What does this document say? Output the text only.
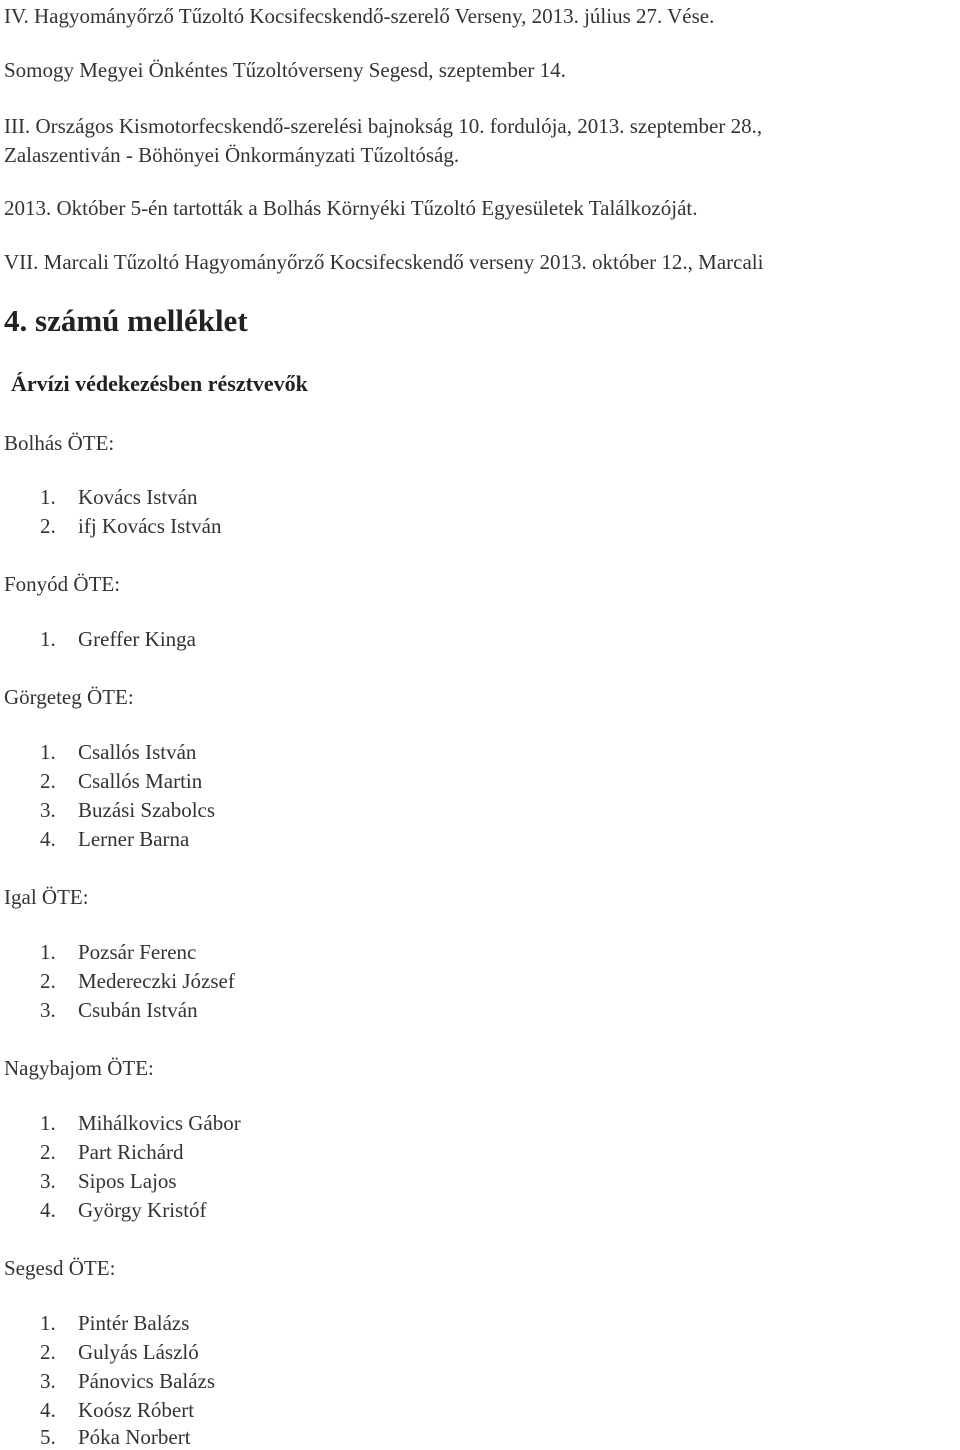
IV. Hagyományőrző Tűzoltó Kocsifecskendő-szerelő Verseny, 2013. július 27. Vése.
Somogy Megyei Önkéntes Tűzoltóverseny Segesd, szeptember 14.
III. Országos Kismotorfecskendő-szerelési bajnokság 10. fordulója, 2013. szeptember 28.,
Zalaszentiván - Böhönyei Önkormányzati Tűzoltóság.
2013. Október 5-én tartották a Bolhás Környéki Tűzoltó Egyesületek Találkozóját.
VII. Marcali Tűzoltó Hagyományőrző Kocsifecskendő verseny 2013. október 12., Marcali
4. számú melléklet
Árvízi védekezésben résztvevők
Bolhás ÖTE:
1. Kovács István
2. ifj Kovács István
Fonyód ÖTE:
1. Greffer Kinga
Görgeteg ÖTE:
1. Csallós István
2. Csallós Martin
3. Buzási Szabolcs
4. Lerner Barna
Igal ÖTE:
1. Pozsár Ferenc
2. Medereczki József
3. Csubán István
Nagybajom ÖTE:
1. Mihálkovics Gábor
2. Part Richárd
3. Sipos Lajos
4. György Kristóf
Segesd ÖTE:
1. Pintér Balázs
2. Gulyás László
3. Pánovics Balázs
4. Koósz Róbert
5. Póka Norbert
